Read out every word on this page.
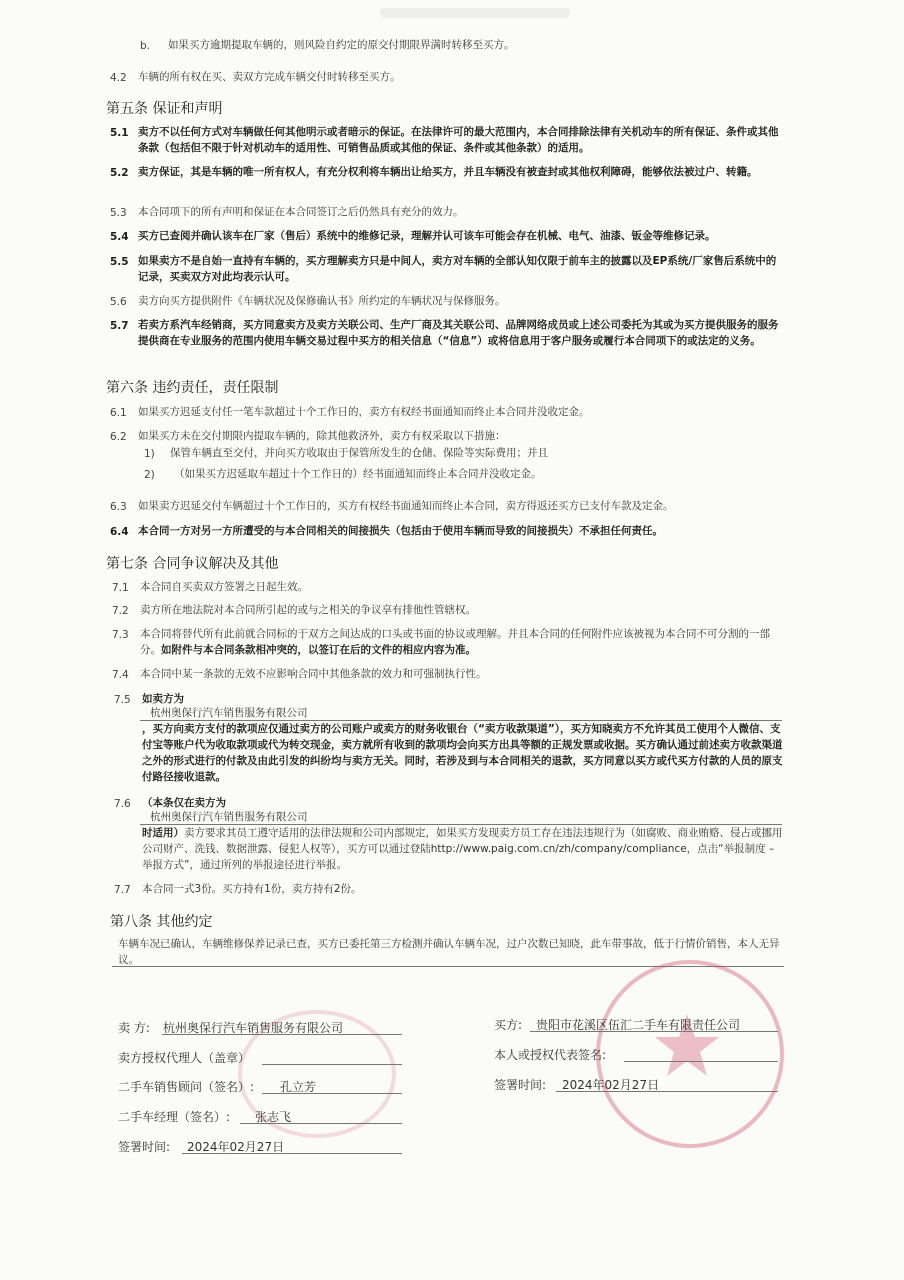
b. 如果买方逾期提取车辆的，则风险自约定的原交付期限界满时转移至买方。
4.2 车辆的所有权在买、卖双方完成车辆交付时转移至买方。
第五条 保证和声明
5.1 卖方不以任何方式对车辆做任何其他明示或者暗示的保证。在法律许可的最大范围内，本合同排除法律有关机动车的所有保证、条件或其他条款（包括但不限于针对机动车的适用性、可销售品质或其他的保证、条件或其他条款）的适用。
5.2 卖方保证，其是车辆的唯一所有权人，有充分权利将车辆出让给买方，并且车辆没有被查封或其他权利障碍，能够依法被过户、转籍。
5.3 本合同项下的所有声明和保证在本合同签订之后仍然具有充分的效力。
5.4 买方已查阅并确认该车在厂家（售后）系统中的维修记录，理解并认可该车可能会存在机械、电气、油漆、钣金等维修记录。
5.5 如果卖方不是自始一直持有车辆的，买方理解卖方只是中间人，卖方对车辆的全部认知仅限于前车主的披露以及EP系统/厂家售后系统中的记录，买卖双方对此均表示认可。
5.6 卖方向买方提供附件《车辆状况及保修确认书》所约定的车辆状况与保修服务。
5.7 若卖方系汽车经销商，买方同意卖方及卖方关联公司、生产厂商及其关联公司、品牌网络成员或上述公司委托为其或为买方提供服务的服务提供商在专业服务的范围内使用车辆交易过程中买方的相关信息（“信息”）或将信息用于客户服务或履行本合同项下的或法定的义务。
第六条 违约责任，责任限制
6.1 如果买方迟延支付任一笔车款超过十个工作日的，卖方有权经书面通知而终止本合同并没收定金。
6.2 如果买方未在交付期限内提取车辆的，除其他救济外，卖方有权采取以下措施：
1) 保管车辆直至交付，并向买方收取由于保管所发生的仓储、保险等实际费用；并且
2) （如果买方迟延取车超过十个工作日的）经书面通知而终止本合同并没收定金。
6.3 如果卖方迟延交付车辆超过十个工作日的，买方有权经书面通知而终止本合同，卖方得返还买方已支付车款及定金。
6.4 本合同一方对另一方所遭受的与本合同相关的间接损失（包括由于使用车辆而导致的间接损失）不承担任何责任。
第七条 合同争议解决及其他
7.1 本合同自买卖双方签署之日起生效。
7.2 卖方所在地法院对本合同所引起的或与之相关的争议享有排他性管辖权。
7.3 本合同将替代所有此前就合同标的于双方之间达成的口头或书面的协议或理解。并且本合同的任何附件应该被视为本合同不可分割的一部分。如附件与本合同条款相冲突的，以签订在后的文件的相应内容为准。
7.4 本合同中某一条款的无效不应影响合同中其他条款的效力和可强制执行性。
7.5 如卖方为
杭州奥保行汽车销售服务有限公司
，买方向卖方支付的款项应仅通过卖方的公司账户或卖方的财务收银台（“卖方收款渠道”），买方知晓卖方不允许其员工使用个人微信、支付宝等账户代为收取款项或代为转交现金，卖方就所有收到的款项均会向买方出具等额的正规发票或收据。买方确认通过前述卖方收款渠道之外的形式进行的付款及由此引发的纠纷均与卖方无关。同时，若涉及到与本合同相关的退款，买方同意以买方或代买方付款的人员的原支付路径接收退款。
7.6 （本条仅在卖方为
杭州奥保行汽车销售服务有限公司
时适用）卖方要求其员工遵守适用的法律法规和公司内部规定，如果买方发现卖方员工存在违法违规行为（如腐败、商业贿赂、侵占或挪用公司财产、洗钱、数据泄露、侵犯人权等），买方可以通过登陆http://www.paig.com.cn/zh/company/compliance，点击“举报制度 – 举报方式”，通过所列的举报途径进行举报。
7.7 本合同一式3份。买方持有1份，卖方持有2份。
第八条 其他约定
车辆车况已确认，车辆维修保养记录已查，买方已委托第三方检测并确认车辆车况，过户次数已知晓，此车带事故，低于行情价销售，本人无异议。
卖 方: 杭州奥保行汽车销售服务有限公司
卖方授权代理人（盖章）
二手车销售顾问（签名）: 孔立芳
二手车经理（签名）: 张志飞
签署时间: 2024年02月27日
买方: 贵阳市花溪区伍汇二手车有限责任公司
本人或授权代表签名:
签署时间: 2024年02月27日
